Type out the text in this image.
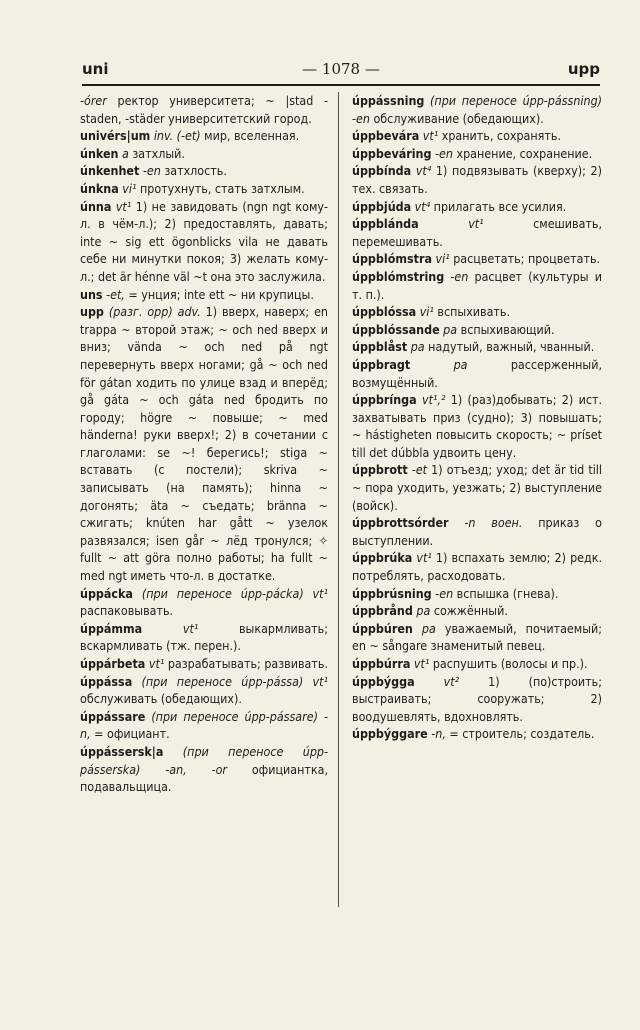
uni	— 1078 —	upp

-órer ректор университета; ~ |stad -staden, -städer университетский город.

univérs|um inv. (-et) мир, вселенная.

únken a затхлый.

únkenhet -en затхлость.

únkna vi¹ протухнуть, стать затхлым.

únna vt¹ 1) не завидовать (ngn ngt кому-л. в чём-л.); 2) предоставлять, давать; inte ~ sig ett ögonblicks vila не давать себе ни минутки покоя; 3) желать кому-л.; det är hénne väl ~t она это заслужила.

uns -et, = унция; inte ett ~ ни крупицы.

upp (разг. opp) adv. 1) вверх, наверх; en trappa ~ второй этаж; ~ och ned вверх и вниз; vända ~ och ned på ngt перевернуть вверх ногами; gå ~ och ned för gátan ходить по улице взад и вперёд; gå gáta ~ och gáta ned бродить по городу; högre ~ повыше; ~ med händerna! руки вверх!; 2) в сочетании с глаголами: se ~! берегись!; stiga ~ вставать (с постели); skriva ~ записывать (на память); hinna ~ догонять; äta ~ съедать; bränna ~ сжигать; knúten har gått ~ узелок развязался; isen går ~ лёд тронулся; ✧ fullt ~ att göra полно работы; ha fullt ~ med ngt иметь что-л. в достатке.

úppácka (при переносе úpp-pácka) vt¹ распаковывать.

úppámma vt¹ выкармливать; вскармливать (тж. перен.).

úppárbeta vt¹ разрабатывать; развивать.

úppássa (при переносе úpp-pássa) vt¹ обслуживать (обедающих).

úppássare (при переносе úpp-pássare) -n, = официант.

úppássersk|a (при переносе úpp-pásserska) -an, -or официантка, подавальщица.

úppássning (при переносе úpp-pássning) -en обслуживание (обедающих).

úppbevára vt¹ хранить, сохранять.

úppbeváring -en хранение, сохранение.

úppbínda vt⁴ 1) подвязывать (кверху); 2) тех. связать.

úppbjúda vt⁴ прилагать все усилия.

úppblánda vt¹ смешивать, перемешивать.

úppblómstra vi¹ расцветать; процветать.

úppblómstring -en расцвет (культуры и т. п.).

úppblóssa vi¹ вспыхивать.

úppblóssande pa вспыхивающий.

úppblåst pa надутый, важный, чванный.

úppbragt pa рассерженный, возмущённый.

úppbrínga vt¹,² 1) (раз)добывать; 2) ист. захватывать приз (судно); 3) повышать; ~ hástigheten повысить скорость; ~ príset till det dúbbla удвоить цену.

úppbrott -et 1) отъезд; уход; det är tid till ~ пора уходить, уезжать; 2) выступление (войск).

úppbrottsórder -n воен. приказ о выступлении.

úppbrúka vt¹ 1) вспахать землю; 2) редк. потреблять, расходовать.

úppbrúsning -en вспышка (гнева).

úppbrånd pa сожжённый.

úppbúren pa уважаемый, почитаемый; en ~ sångare знаменитый певец.

úppbúrra vt¹ распушить (волосы и пр.).

úppbýgga vt² 1) (по)строить; выстраивать; сооружать; 2) воодушевлять, вдохновлять.

úppbýggare -n, = строитель; создатель.
